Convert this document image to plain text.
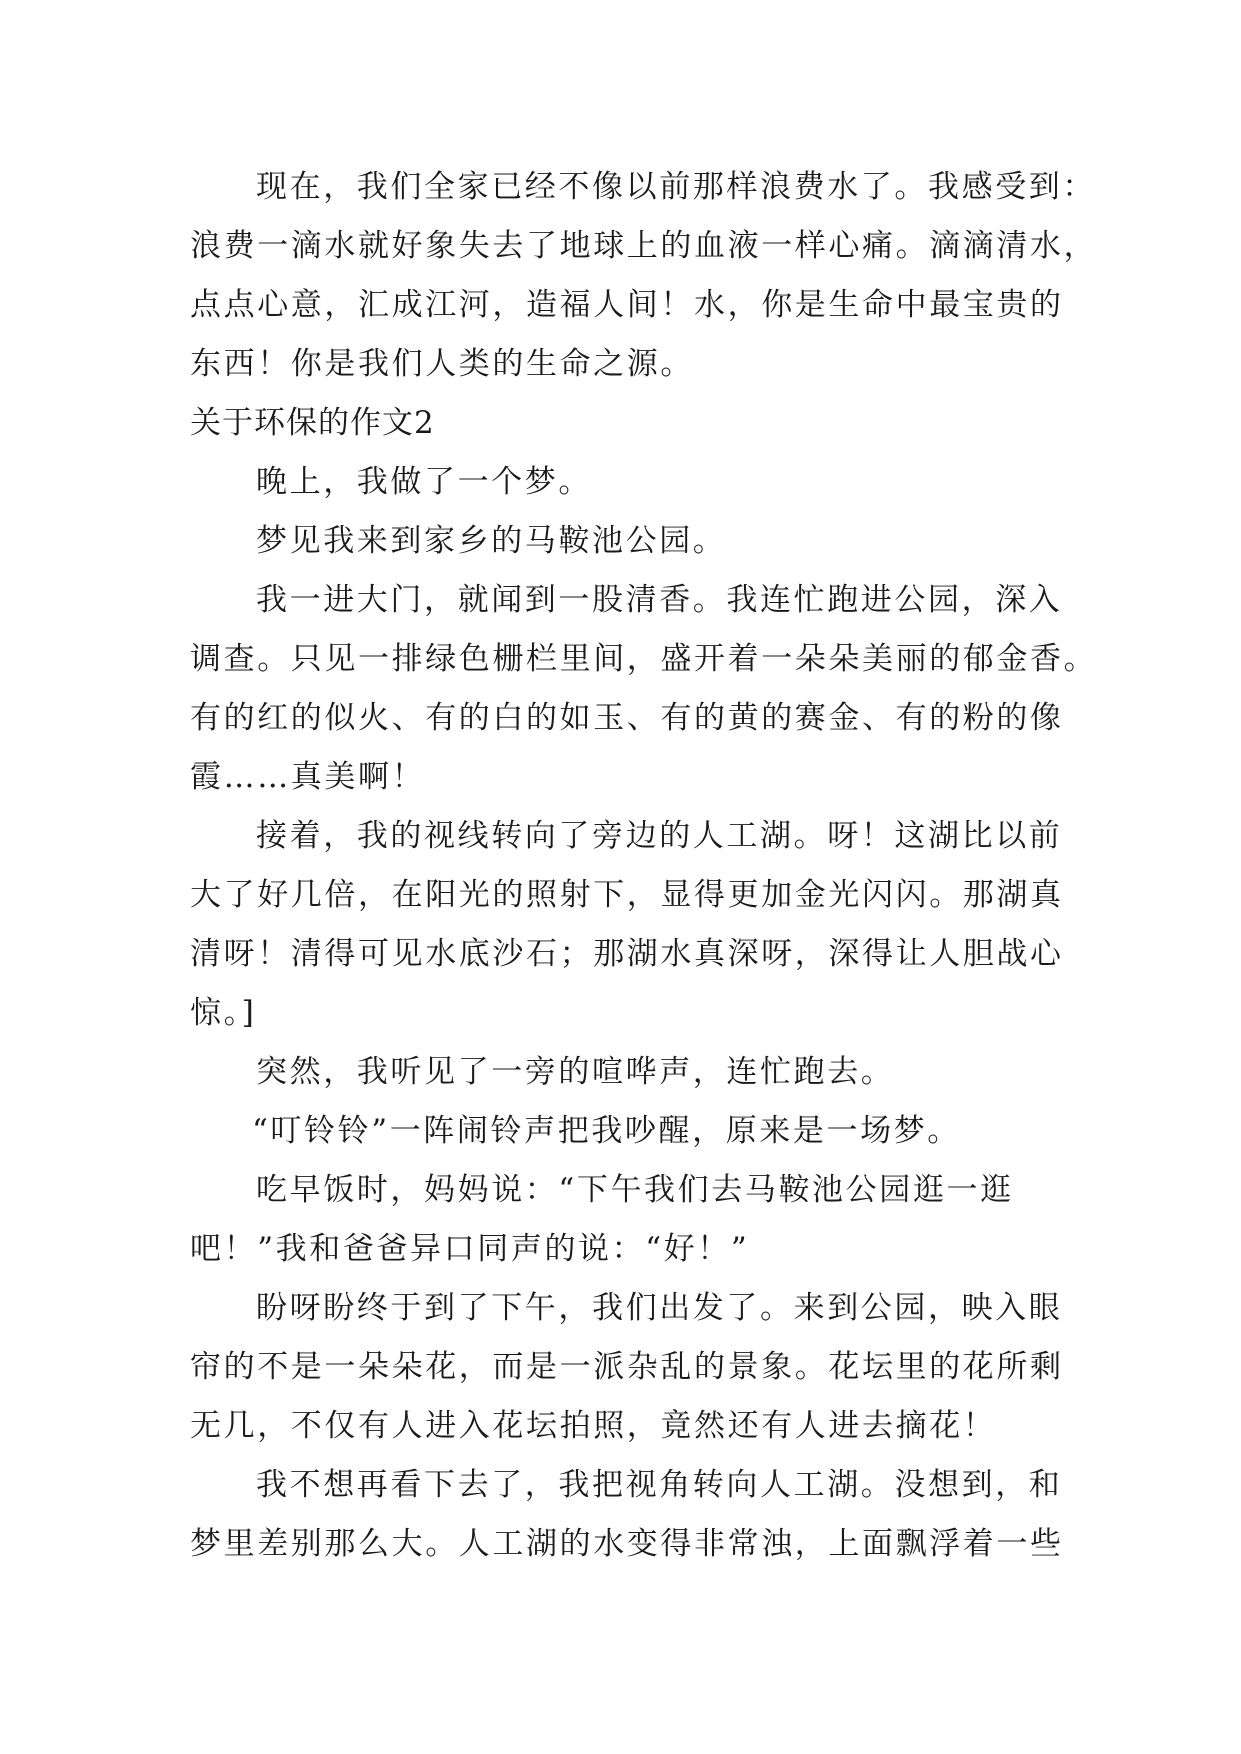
现在，我们全家已经不像以前那样浪费水了。我感受到：
浪费一滴水就好象失去了地球上的血液一样心痛。滴滴清水，
点点心意，汇成江河，造福人间！水，你是生命中最宝贵的
东西！你是我们人类的生命之源。
关于环保的作文2
晚上，我做了一个梦。
梦见我来到家乡的马鞍池公园。
我一进大门，就闻到一股清香。我连忙跑进公园，深入
调查。只见一排绿色栅栏里间，盛开着一朵朵美丽的郁金香。
有的红的似火、有的白的如玉、有的黄的赛金、有的粉的像
霞……真美啊！
接着，我的视线转向了旁边的人工湖。呀！这湖比以前
大了好几倍，在阳光的照射下，显得更加金光闪闪。那湖真
清呀！清得可见水底沙石；那湖水真深呀，深得让人胆战心
惊。]
突然，我听见了一旁的喧哗声，连忙跑去。
“叮铃铃”一阵闹铃声把我吵醒，原来是一场梦。
吃早饭时，妈妈说：“下午我们去马鞍池公园逛一逛
吧！”我和爸爸异口同声的说：“好！”
盼呀盼终于到了下午，我们出发了。来到公园，映入眼
帘的不是一朵朵花，而是一派杂乱的景象。花坛里的花所剩
无几，不仅有人进入花坛拍照，竟然还有人进去摘花！
我不想再看下去了，我把视角转向人工湖。没想到，和
梦里差别那么大。人工湖的水变得非常浊，上面飘浮着一些
